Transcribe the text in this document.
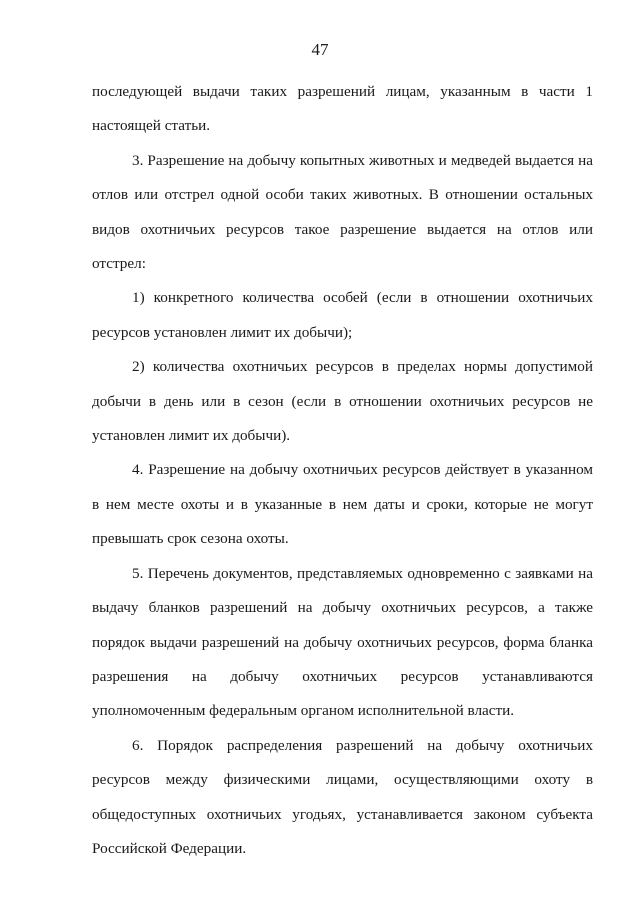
47

последующей выдачи таких разрешений лицам, указанным в части 1 настоящей статьи.

3. Разрешение на добычу копытных животных и медведей выдается на отлов или отстрел одной особи таких животных. В отношении остальных видов охотничьих ресурсов такое разрешение выдается на отлов или отстрел:

1) конкретного количества особей (если в отношении охотничьих ресурсов установлен лимит их добычи);

2) количества охотничьих ресурсов в пределах нормы допустимой добычи в день или в сезон (если в отношении охотничьих ресурсов не установлен лимит их добычи).

4. Разрешение на добычу охотничьих ресурсов действует в указанном в нем месте охоты и в указанные в нем даты и сроки, которые не могут превышать срок сезона охоты.

5. Перечень документов, представляемых одновременно с заявками на выдачу бланков разрешений на добычу охотничьих ресурсов, а также порядок выдачи разрешений на добычу охотничьих ресурсов, форма бланка разрешения на добычу охотничьих ресурсов устанавливаются уполномоченным федеральным органом исполнительной власти.

6. Порядок распределения разрешений на добычу охотничьих ресурсов между физическими лицами, осуществляющими охоту в общедоступных охотничьих угодьях, устанавливается законом субъекта Российской Федерации.
